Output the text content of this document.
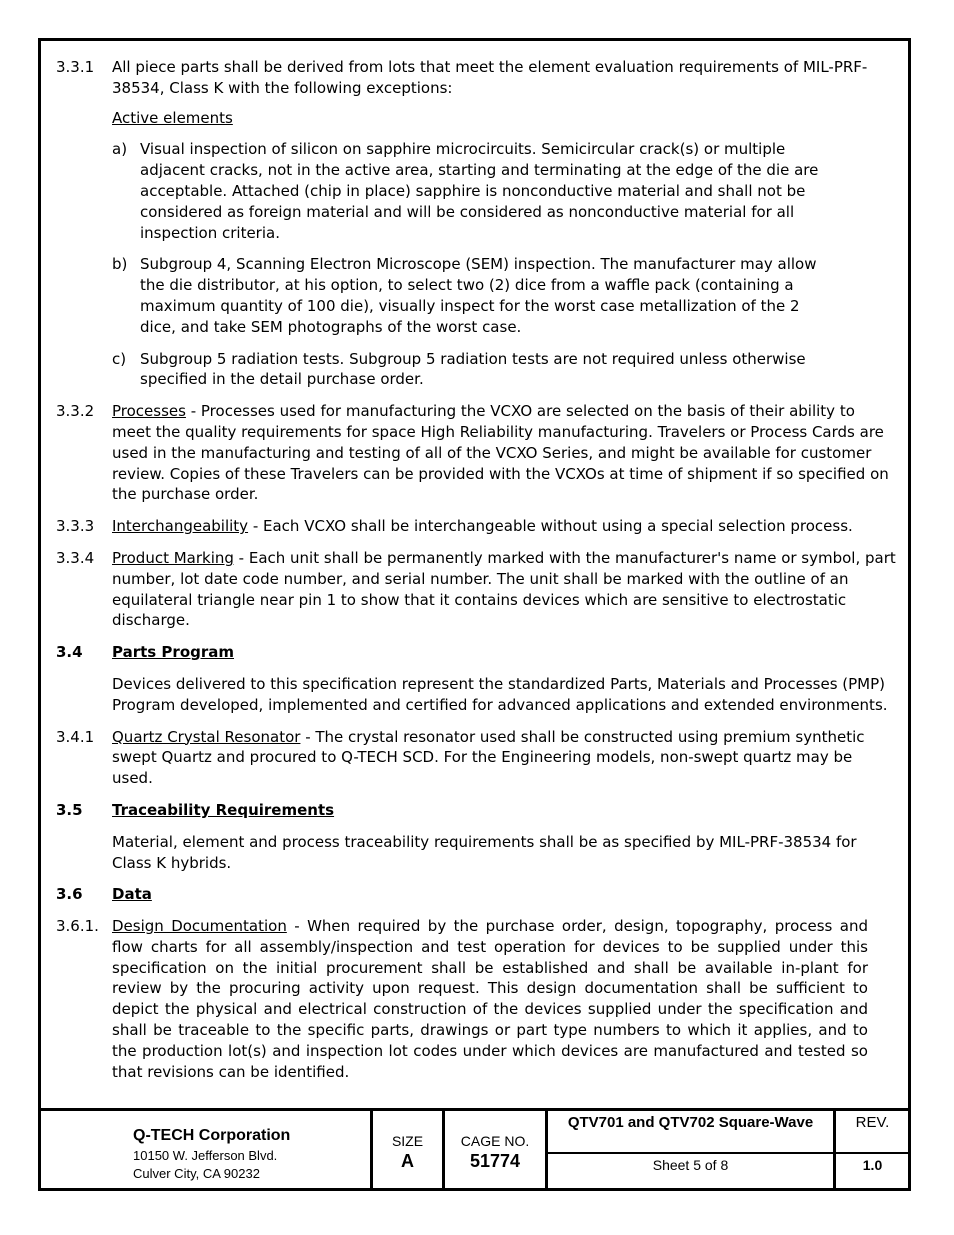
3.3.1 All piece parts shall be derived from lots that meet the element evaluation requirements of MIL-PRF-38534, Class K with the following exceptions:
Active elements
a) Visual inspection of silicon on sapphire microcircuits. Semicircular crack(s) or multiple adjacent cracks, not in the active area, starting and terminating at the edge of the die are acceptable. Attached (chip in place) sapphire is nonconductive material and shall not be considered as foreign material and will be considered as nonconductive material for all inspection criteria.
b) Subgroup 4, Scanning Electron Microscope (SEM) inspection. The manufacturer may allow the die distributor, at his option, to select two (2) dice from a waffle pack (containing a maximum quantity of 100 die), visually inspect for the worst case metallization of the 2 dice, and take SEM photographs of the worst case.
c) Subgroup 5 radiation tests. Subgroup 5 radiation tests are not required unless otherwise specified in the detail purchase order.
3.3.2 Processes - Processes used for manufacturing the VCXO are selected on the basis of their ability to meet the quality requirements for space High Reliability manufacturing. Travelers or Process Cards are used in the manufacturing and testing of all of the VCXO Series, and might be available for customer review. Copies of these Travelers can be provided with the VCXOs at time of shipment if so specified on the purchase order.
3.3.3 Interchangeability - Each VCXO shall be interchangeable without using a special selection process.
3.3.4 Product Marking - Each unit shall be permanently marked with the manufacturer's name or symbol, part number, lot date code number, and serial number. The unit shall be marked with the outline of an equilateral triangle near pin 1 to show that it contains devices which are sensitive to electrostatic discharge.
3.4 Parts Program
Devices delivered to this specification represent the standardized Parts, Materials and Processes (PMP) Program developed, implemented and certified for advanced applications and extended environments.
3.4.1 Quartz Crystal Resonator - The crystal resonator used shall be constructed using premium synthetic swept Quartz and procured to Q-TECH SCD. For the Engineering models, non-swept quartz may be used.
3.5 Traceability Requirements
Material, element and process traceability requirements shall be as specified by MIL-PRF-38534 for Class K hybrids.
3.6 Data
3.6.1. Design Documentation - When required by the purchase order, design, topography, process and flow charts for all assembly/inspection and test operation for devices to be supplied under this specification on the initial procurement shall be established and shall be available in-plant for review by the procuring activity upon request. This design documentation shall be sufficient to depict the physical and electrical construction of the devices supplied under the specification and shall be traceable to the specific parts, drawings or part type numbers to which it applies, and to the production lot(s) and inspection lot codes under which devices are manufactured and tested so that revisions can be identified.
Q-TECH Corporation
10150 W. Jefferson Blvd.
Culver City, CA 90232
SIZE
A
CAGE NO.
51774
QTV701 and QTV702 Square-Wave
Sheet 5 of 8
REV.
1.0
